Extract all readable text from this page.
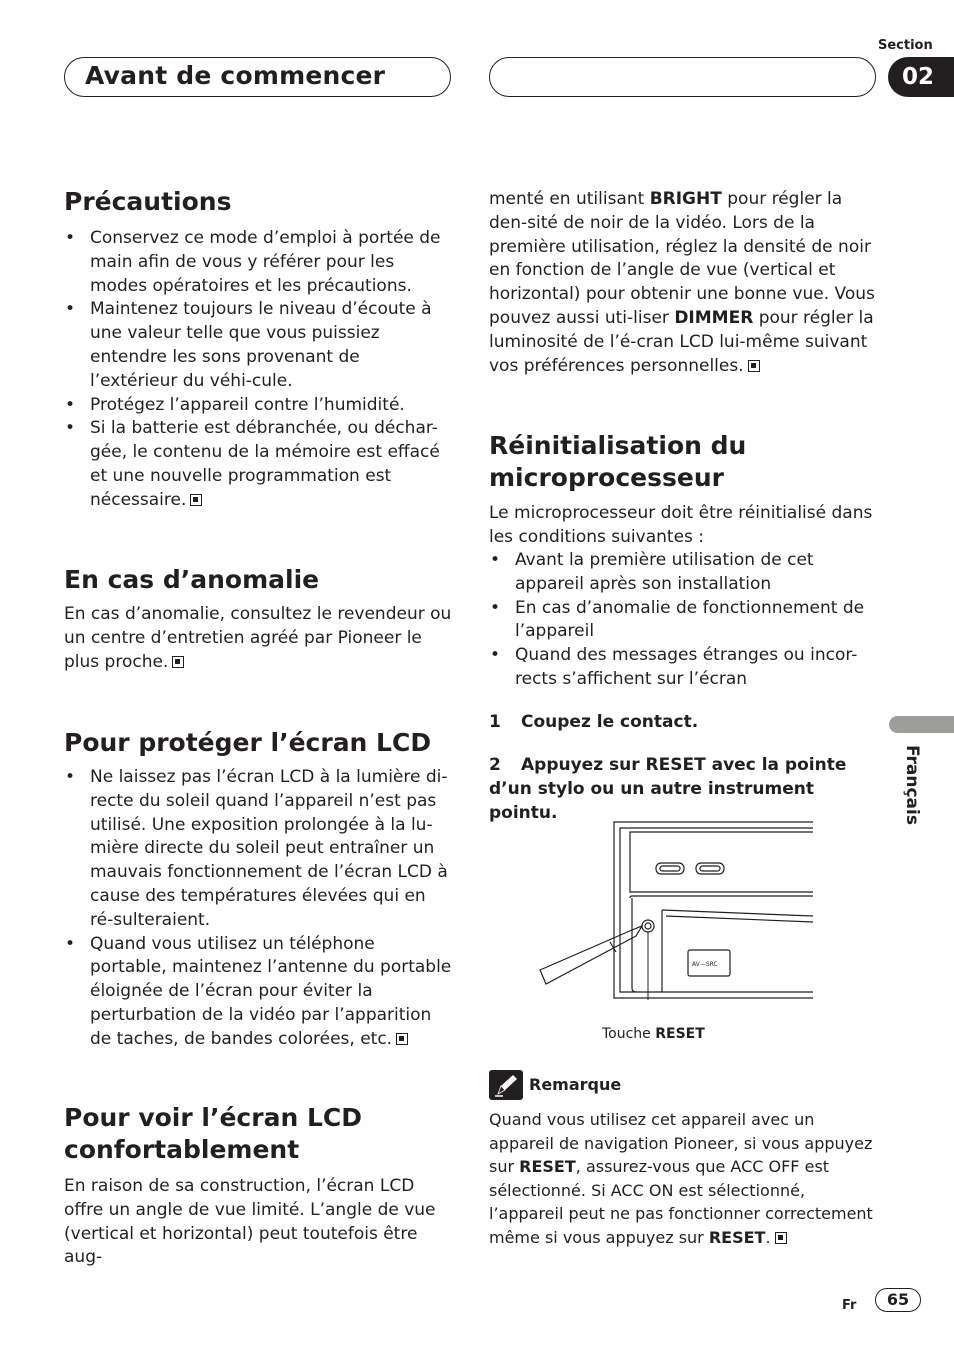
Avant de commencer
Section
02
Précautions
• Conservez ce mode d’emploi à portée de main afin de vous y référer pour les modes opératoires et les précautions.
• Maintenez toujours le niveau d’écoute à une valeur telle que vous puissiez entendre les sons provenant de l’extérieur du véhi-cule.
• Protégez l’appareil contre l’humidité.
• Si la batterie est débranchée, ou déchar-gée, le contenu de la mémoire est effacé et une nouvelle programmation est nécessaire.
En cas d’anomalie

En cas d’anomalie, consultez le revendeur ou un centre d’entretien agréé par Pioneer le plus proche.

Pour protéger l’écran LCD
• Ne laissez pas l’écran LCD à la lumière di-recte du soleil quand l’appareil n’est pas utilisé. Une exposition prolongée à la lu-mière directe du soleil peut entraîner un mauvais fonctionnement de l’écran LCD à cause des températures élevées qui en ré-sulteraient.
• Quand vous utilisez un téléphone portable, maintenez l’antenne du portable éloignée de l’écran pour éviter la perturbation de la vidéo par l’apparition de taches, de bandes colorées, etc.
Pour voir l’écran LCD confortablement

En raison de sa construction, l’écran LCD offre un angle de vue limité. L’angle de vue (vertical et horizontal) peut toutefois être aug-

menté en utilisant BRIGHT pour régler la den-sité de noir de la vidéo. Lors de la première utilisation, réglez la densité de noir en fonction de l’angle de vue (vertical et horizontal) pour obtenir une bonne vue. Vous pouvez aussi uti-liser DIMMER pour régler la luminosité de l’é-cran LCD lui-même suivant vos préférences personnelles.

Réinitialisation du microprocesseur

Le microprocesseur doit être réinitialisé dans les conditions suivantes :

• Avant la première utilisation de cet appareil après son installation
• En cas d’anomalie de fonctionnement de l’appareil
• Quand des messages étranges ou incor-rects s’affichent sur l’écran

1 Coupez le contact.

2 Appuyez sur RESET avec la pointe d’un stylo ou un autre instrument pointu.

AV—SRC
Touche RESET
Remarque

Quand vous utilisez cet appareil avec un appareil de navigation Pioneer, si vous appuyez sur RESET, assurez-vous que ACC OFF est sélectionné. Si ACC ON est sélectionné, l’appareil peut ne pas fonctionner correctement même si vous appuyez sur RESET.

Français
Fr	65
